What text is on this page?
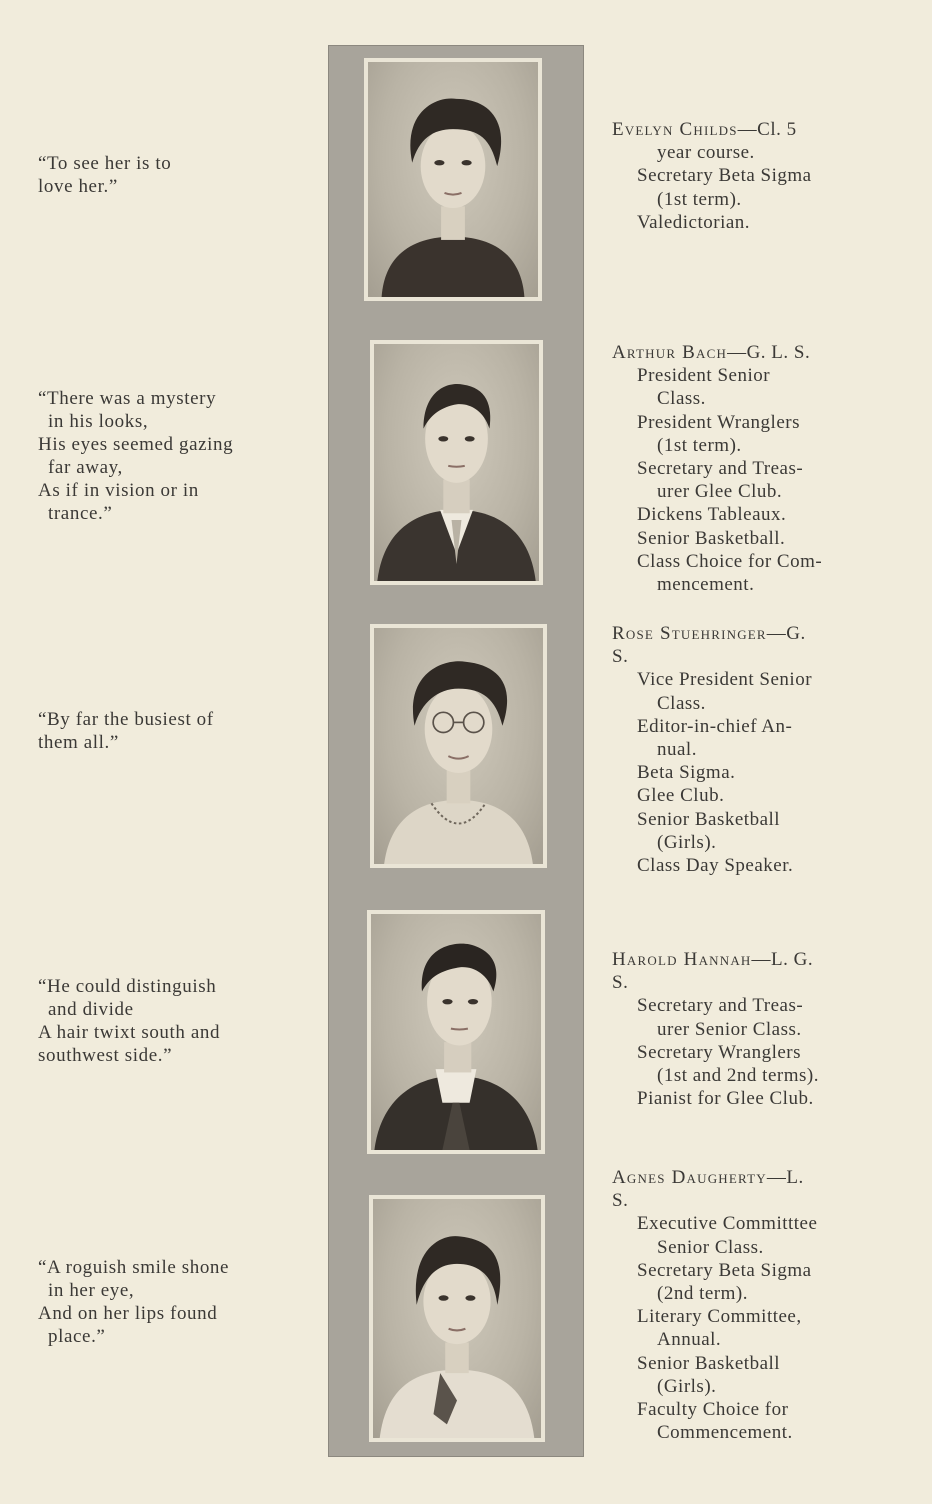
“To see her is to
love her.”
“There was a mystery
in his looks,
His eyes seemed gazing
far away,
As if in vision or in
trance.”
“By far the busiest of
them all.”
“He could distinguish
and divide
A hair twixt south and
southwest side.”
“A roguish smile shone
in her eye,
And on her lips found
place.”
Evelyn Childs—Cl. 5
year course.
Secretary Beta Sigma
(1st term).
Valedictorian.
Arthur Bach—G. L. S.
President Senior
Class.
President Wranglers
(1st term).
Secretary and Treas-
urer Glee Club.
Dickens Tableaux.
Senior Basketball.
Class Choice for Com-
mencement.
Rose Stuehringer—G.
S.
Vice President Senior
Class.
Editor-in-chief An-
nual.
Beta Sigma.
Glee Club.
Senior Basketball
(Girls).
Class Day Speaker.
Harold Hannah—L. G.
S.
Secretary and Treas-
urer Senior Class.
Secretary Wranglers
(1st and 2nd terms).
Pianist for Glee Club.
Agnes Daugherty—L.
S.
Executive Committtee
Senior Class.
Secretary Beta Sigma
(2nd term).
Literary Committee,
Annual.
Senior Basketball
(Girls).
Faculty Choice for
Commencement.
